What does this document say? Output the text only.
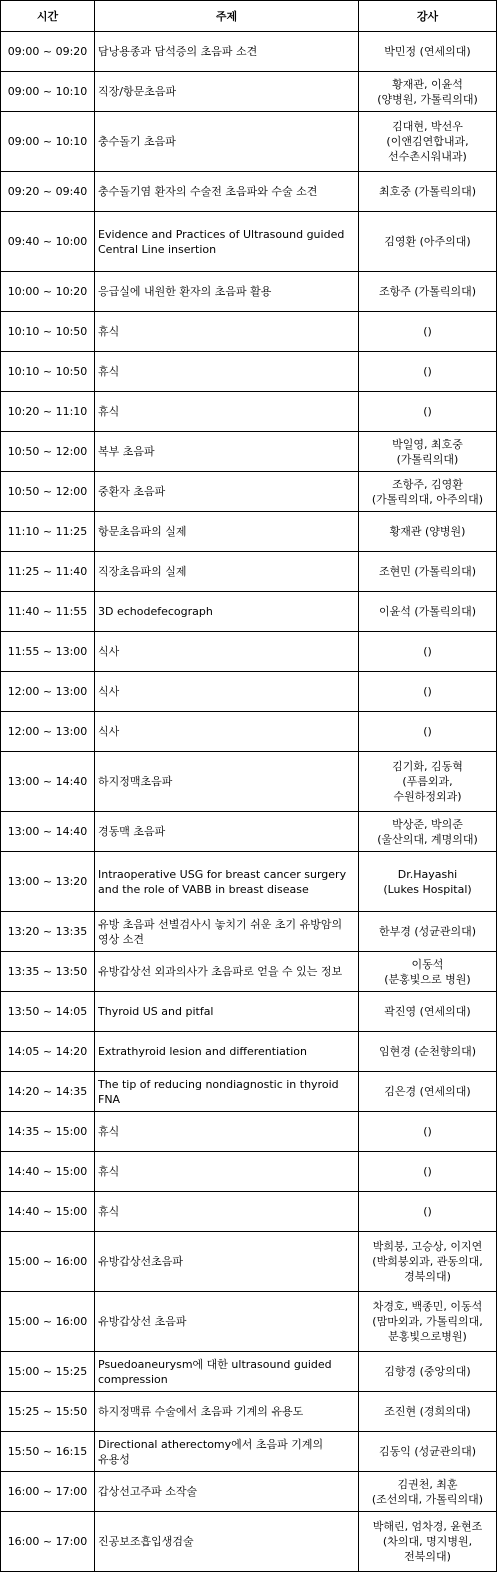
시간	주제	강사
09:00 ~ 09:20	담낭용종과 담석증의 초음파 소견	박민정 (연세의대)
09:00 ~ 10:10	직장/항문초음파	황재관, 이윤석
(양병원, 가톨릭의대)
09:00 ~ 10:10	충수돌기 초음파	김대현, 박선우
(이앤김연합내과,
선수촌시워내과)
09:20 ~ 09:40	충수돌기염 환자의 수술전 초음파와 수술 소견	최호중 (가톨릭의대)
09:40 ~ 10:00	Evidence and Practices of Ultrasound guided Central Line insertion	김영환 (아주의대)
10:00 ~ 10:20	응급실에 내원한 환자의 초음파 활용	조항주 (가톨릭의대)
10:10 ~ 10:50	휴식	()
10:10 ~ 10:50	휴식	()
10:20 ~ 11:10	휴식	()
10:50 ~ 12:00	복부 초음파	박일영, 최호중
(가톨릭의대)
10:50 ~ 12:00	중환자 초음파	조항주, 김영환
(가톨릭의대, 아주의대)
11:10 ~ 11:25	항문초음파의 실제	황재관 (양병원)
11:25 ~ 11:40	직장초음파의 실제	조현민 (가톨릭의대)
11:40 ~ 11:55	3D echodefecograph	이윤석 (가톨릭의대)
11:55 ~ 13:00	식사	()
12:00 ~ 13:00	식사	()
12:00 ~ 13:00	식사	()
13:00 ~ 14:40	하지정맥초음파	김기화, 김동혁
(푸름외과,
수원하정외과)
13:00 ~ 14:40	경동맥 초음파	박상준, 박의준
(울산의대, 계명의대)
13:00 ~ 13:20	Intraoperative USG for breast cancer surgery and the role of VABB in breast disease	Dr.Hayashi
(Lukes Hospital)
13:20 ~ 13:35	유방 초음파 선별검사시 놓치기 쉬운 초기 유방암의 영상 소견	한부경 (성균관의대)
13:35 ~ 13:50	유방갑상선 외과의사가 초음파로 얻을 수 있는 정보	이동석
(분홍빛으로 병원)
13:50 ~ 14:05	Thyroid US and pitfal	곽진영 (연세의대)
14:05 ~ 14:20	Extrathyroid lesion and differentiation	임현경 (순천향의대)
14:20 ~ 14:35	The tip of reducing nondiagnostic in thyroid FNA	김은경 (연세의대)
14:35 ~ 15:00	휴식	()
14:40 ~ 15:00	휴식	()
14:40 ~ 15:00	휴식	()
15:00 ~ 16:00	유방갑상선초음파	박희붕, 고승상, 이지연
(박희붕외과, 관동의대,
경북의대)
15:00 ~ 16:00	유방갑상선 초음파	차경호, 백종민, 이동석
(맘마외과, 가톨릭의대,
분홍빛으로병원)
15:00 ~ 15:25	Psuedoaneurysm에 대한 ultrasound guided compression	김향경 (중앙의대)
15:25 ~ 15:50	하지정맥류 수술에서 초음파 기계의 유용도	조진현 (경희의대)
15:50 ~ 16:15	Directional atherectomy에서 초음파 기계의 유용성	김동익 (성균관의대)
16:00 ~ 17:00	갑상선고주파 소작술	김권천, 최훈
(조선의대, 가톨릭의대)
16:00 ~ 17:00	진공보조흡입생검술	박해린, 엄차경, 윤현조
(차의대, 명지병원,
전북의대)
